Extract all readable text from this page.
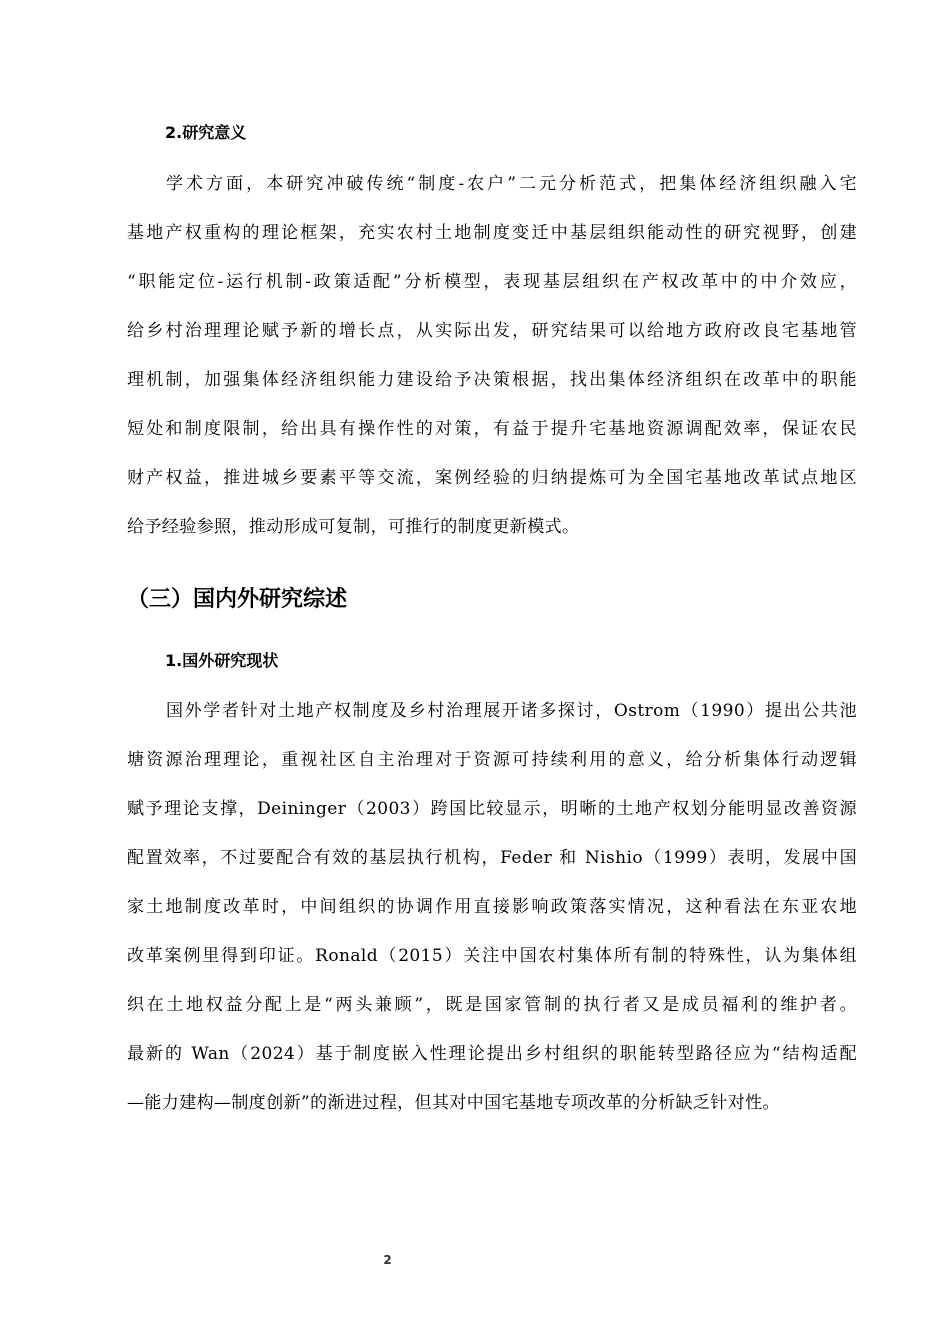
2.研究意义
学术方面，本研究冲破传统“制度-农户”二元分析范式，把集体经济组织融入宅
基地产权重构的理论框架，充实农村土地制度变迁中基层组织能动性的研究视野，创建
“职能定位-运行机制-政策适配”分析模型，表现基层组织在产权改革中的中介效应，
给乡村治理理论赋予新的增长点，从实际出发，研究结果可以给地方政府改良宅基地管
理机制，加强集体经济组织能力建设给予决策根据，找出集体经济组织在改革中的职能
短处和制度限制，给出具有操作性的对策，有益于提升宅基地资源调配效率，保证农民
财产权益，推进城乡要素平等交流，案例经验的归纳提炼可为全国宅基地改革试点地区
给予经验参照，推动形成可复制，可推行的制度更新模式。
（三）国内外研究综述
1.国外研究现状
国外学者针对土地产权制度及乡村治理展开诸多探讨，Ostrom（1990）提出公共池
塘资源治理理论，重视社区自主治理对于资源可持续利用的意义，给分析集体行动逻辑
赋予理论支撑，Deininger（2003）跨国比较显示，明晰的土地产权划分能明显改善资源
配置效率，不过要配合有效的基层执行机构，Feder 和 Nishio（1999）表明，发展中国
家土地制度改革时，中间组织的协调作用直接影响政策落实情况，这种看法在东亚农地
改革案例里得到印证。Ronald（2015）关注中国农村集体所有制的特殊性，认为集体组
织在土地权益分配上是“两头兼顾”，既是国家管制的执行者又是成员福利的维护者。
最新的 Wan（2024）基于制度嵌入性理论提出乡村组织的职能转型路径应为“结构适配
—能力建构—制度创新”的渐进过程，但其对中国宅基地专项改革的分析缺乏针对性。
2
